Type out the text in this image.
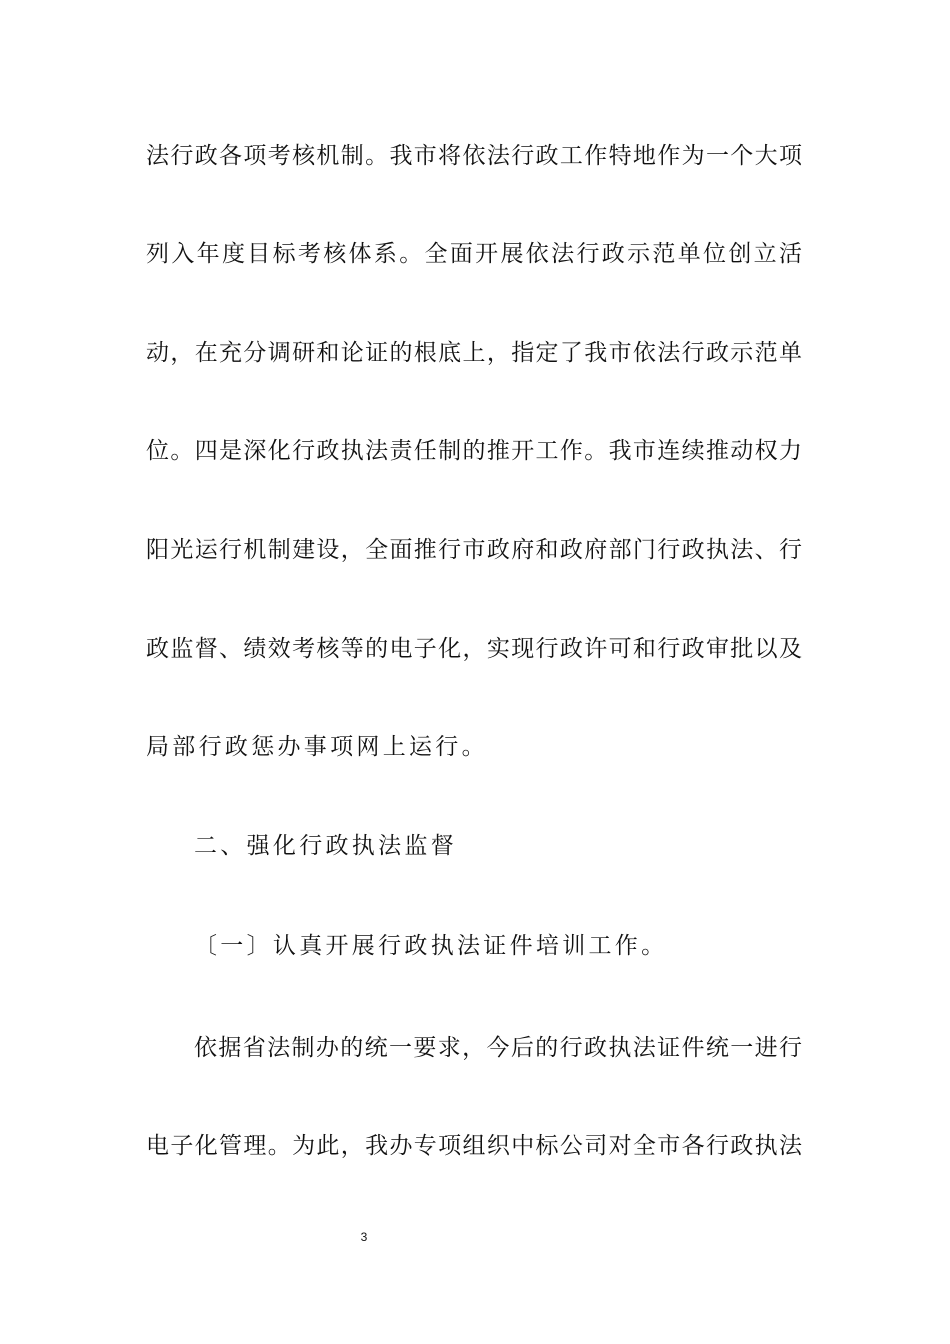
法行政各项考核机制。我市将依法行政工作特地作为一个大项

列入年度目标考核体系。全面开展依法行政示范单位创立活

动，在充分调研和论证的根底上，指定了我市依法行政示范单

位。四是深化行政执法责任制的推开工作。我市连续推动权力

阳光运行机制建设，全面推行市政府和政府部门行政执法、行

政监督、绩效考核等的电子化，实现行政许可和行政审批以及

局部行政惩办事项网上运行。

二、强化行政执法监督

〔一〕认真开展行政执法证件培训工作。

依据省法制办的统一要求，今后的行政执法证件统一进行

电子化管理。为此，我办专项组织中标公司对全市各行政执法

3
